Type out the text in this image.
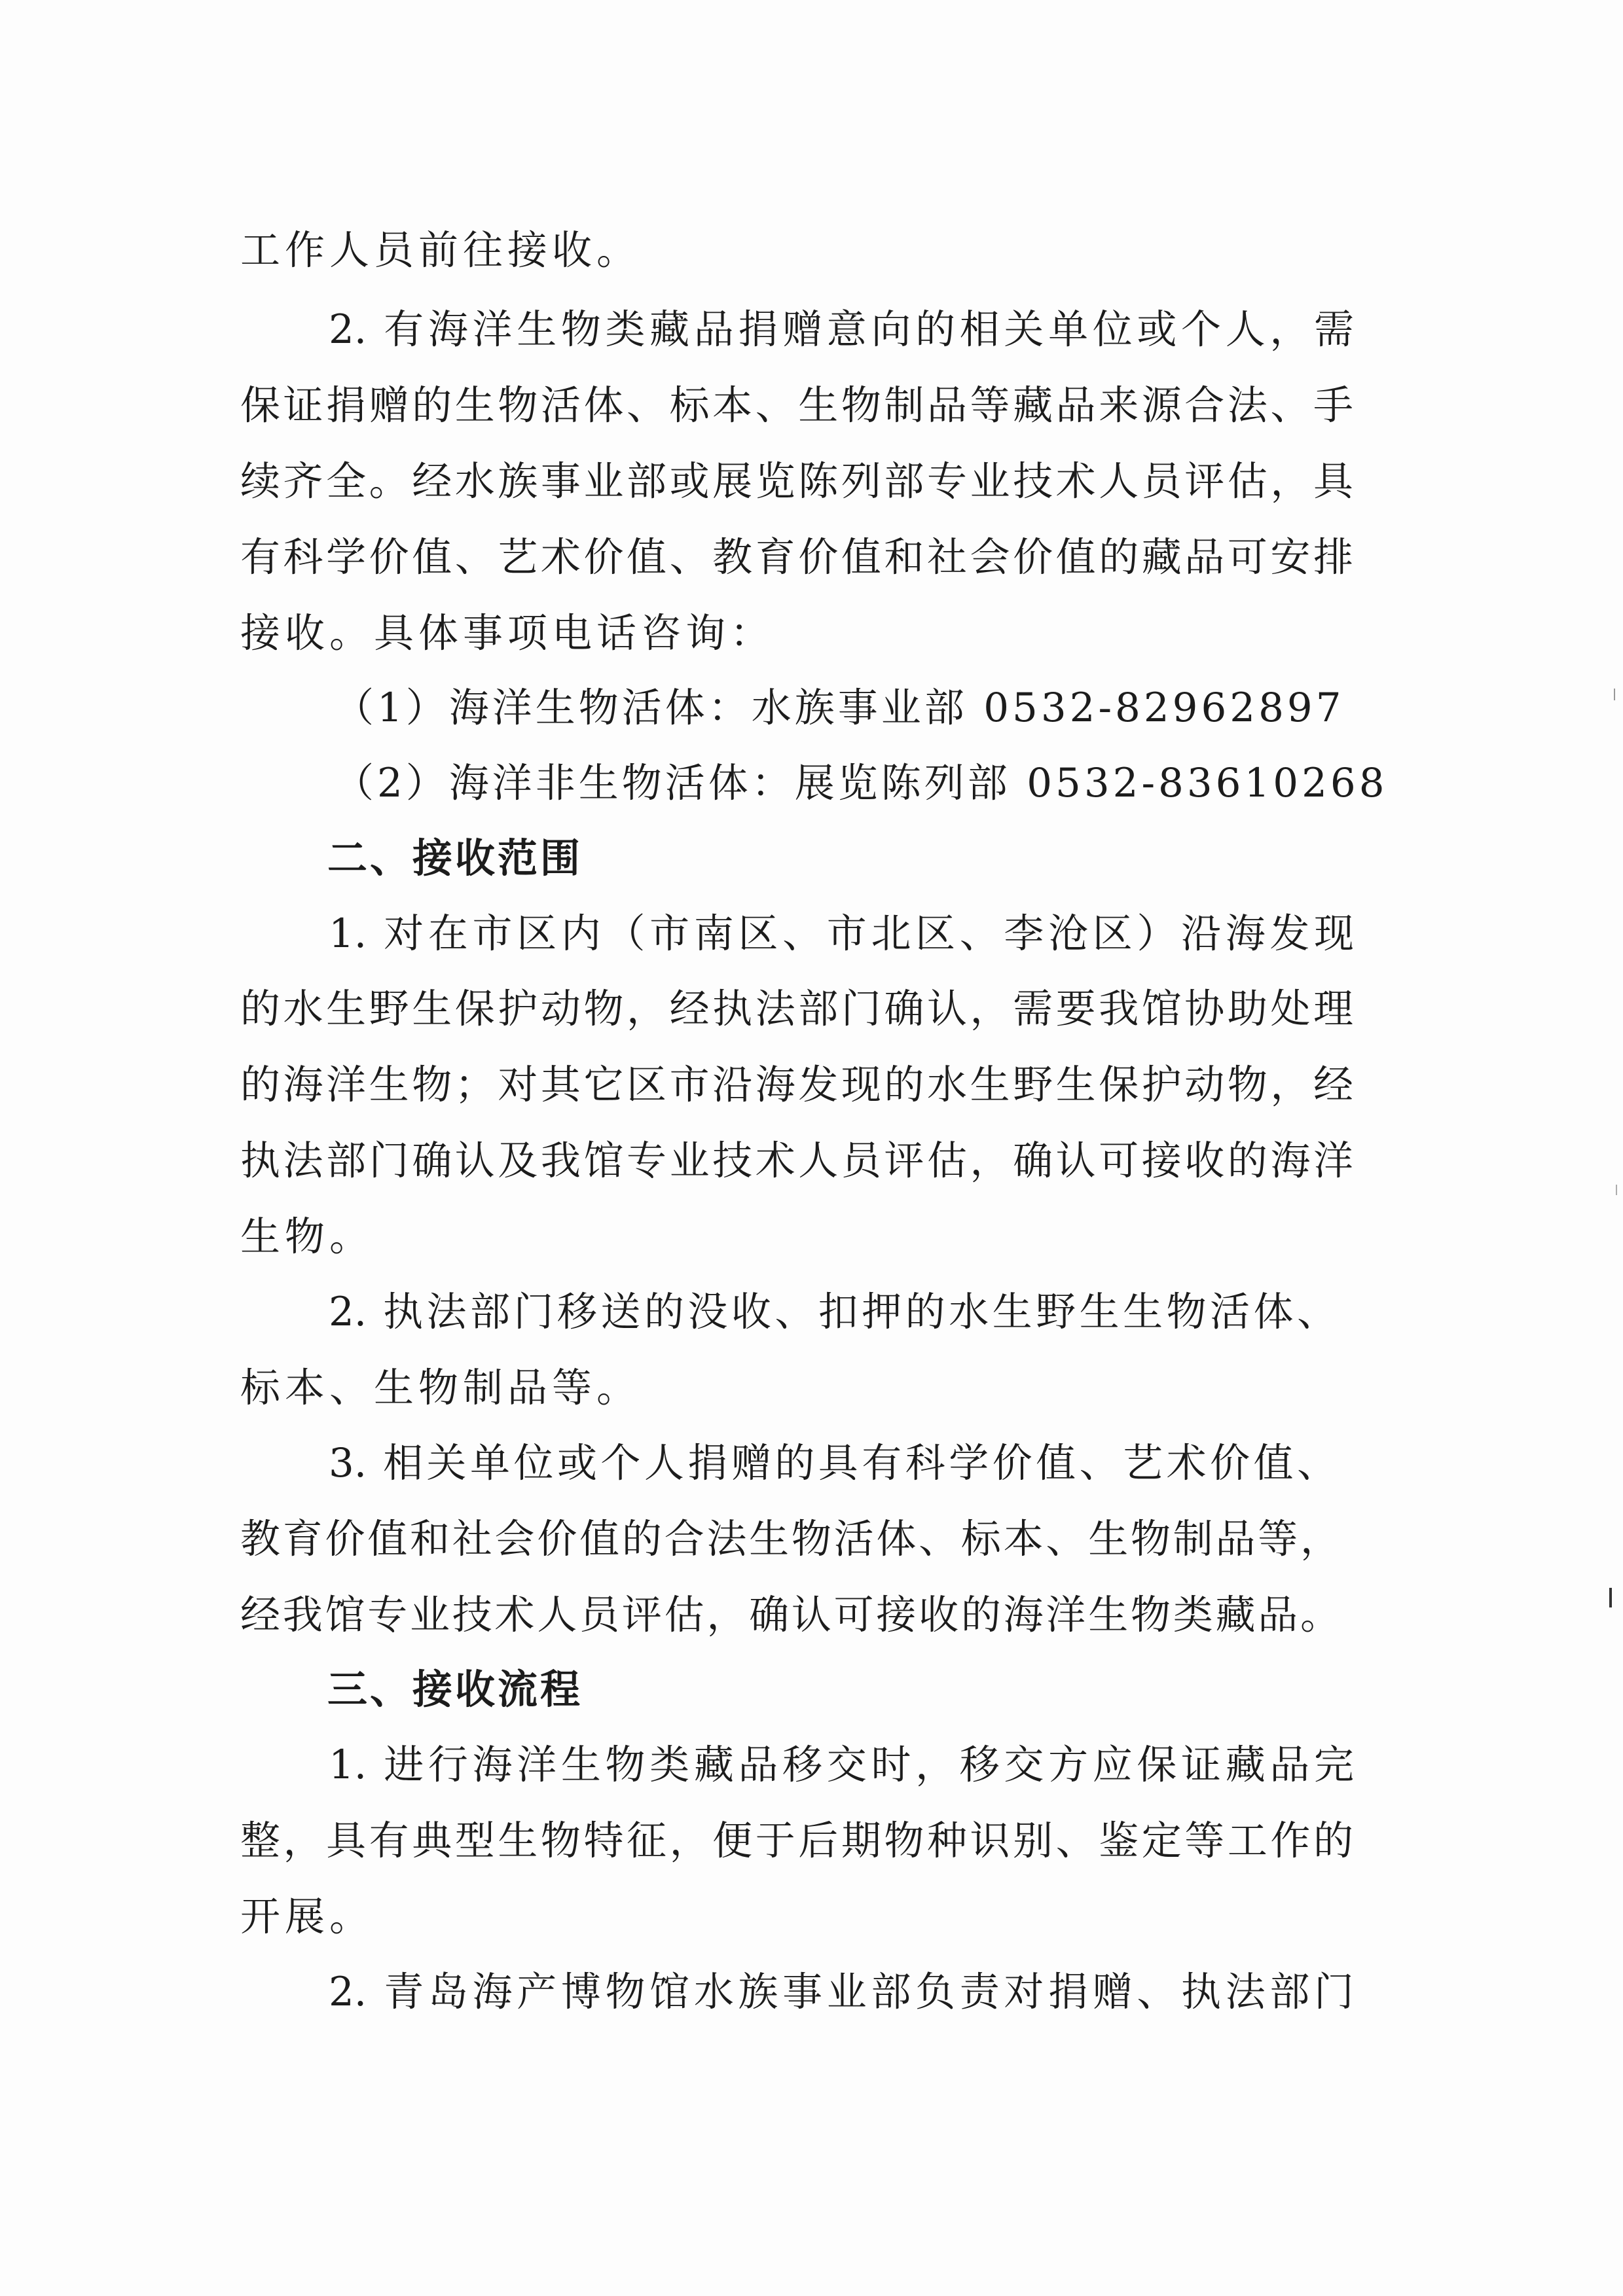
工作人员前往接收。

2. 有海洋生物类藏品捐赠意向的相关单位或个人，需

保证捐赠的生物活体、标本、生物制品等藏品来源合法、手

续齐全。经水族事业部或展览陈列部专业技术人员评估，具

有科学价值、艺术价值、教育价值和社会价值的藏品可安排

接收。具体事项电话咨询：

（1）海洋生物活体：水族事业部 0532-82962897

（2）海洋非生物活体：展览陈列部 0532-83610268

二、接收范围

1. 对在市区内（市南区、市北区、李沧区）沿海发现

的水生野生保护动物，经执法部门确认，需要我馆协助处理

的海洋生物；对其它区市沿海发现的水生野生保护动物，经

执法部门确认及我馆专业技术人员评估，确认可接收的海洋

生物。

2. 执法部门移送的没收、扣押的水生野生生物活体、

标本、生物制品等。

3. 相关单位或个人捐赠的具有科学价值、艺术价值、

教育价值和社会价值的合法生物活体、标本、生物制品等，

经我馆专业技术人员评估，确认可接收的海洋生物类藏品。

三、接收流程

1. 进行海洋生物类藏品移交时，移交方应保证藏品完

整，具有典型生物特征，便于后期物种识别、鉴定等工作的

开展。

2. 青岛海产博物馆水族事业部负责对捐赠、执法部门
